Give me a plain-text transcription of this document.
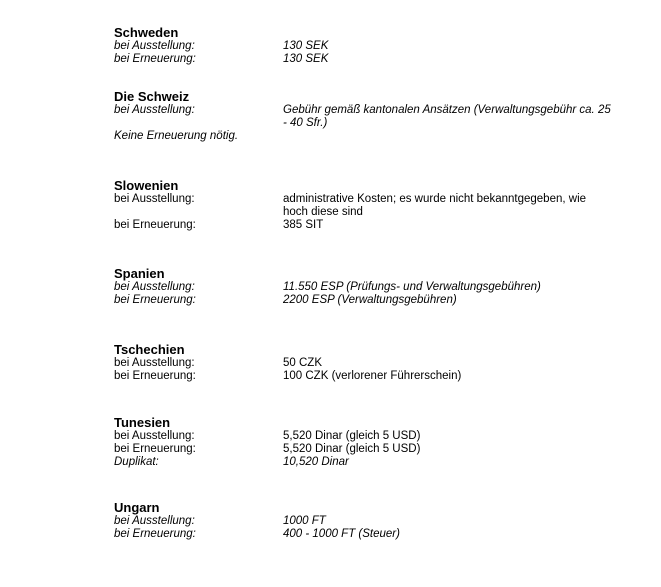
Schweden
bei Ausstellung:	130 SEK
bei Erneuerung:	130 SEK
Die Schweiz
bei Ausstellung:	Gebühr gemäß kantonalen Ansätzen (Verwaltungsgebühr ca. 25 - 40 Sfr.)
Keine Erneuerung nötig.
Slowenien
bei Ausstellung:	administrative Kosten; es wurde nicht bekanntgegeben, wie hoch diese sind
bei Erneuerung:	385 SIT
Spanien
bei Ausstellung:	11.550 ESP (Prüfungs- und Verwaltungsgebühren)
bei Erneuerung:	2200 ESP (Verwaltungsgebühren)
Tschechien
bei Ausstellung:	50 CZK
bei Erneuerung:	100 CZK (verlorener Führerschein)
Tunesien
bei Ausstellung:	5,520 Dinar (gleich 5 USD)
bei Erneuerung:	5,520 Dinar (gleich 5 USD)
Duplikat:	10,520 Dinar
Ungarn
bei Ausstellung:	1000 FT
bei Erneuerung:	400 - 1000 FT (Steuer)
